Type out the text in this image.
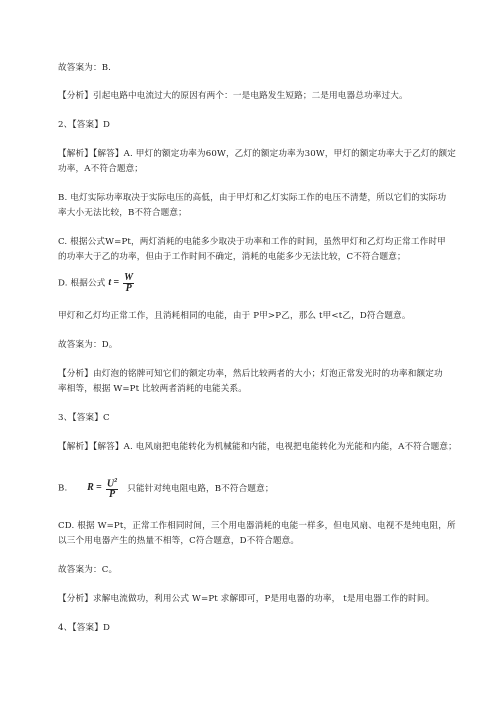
故答案为：B.
【分析】引起电路中电流过大的原因有两个：一是电路发生短路；二是用电器总功率过大。
2、【答案】D
【解析】【解答】A. 甲灯的额定功率为60W，乙灯的额定功率为30W，甲灯的额定功率大于乙灯的额定
功率，A不符合题意；
B. 电灯实际功率取决于实际电压的高低，由于甲灯和乙灯实际工作的电压不清楚，所以它们的实际功
率大小无法比较，B不符合题意；
C. 根据公式W=Pt，两灯消耗的电能多少取决于功率和工作的时间，虽然甲灯和乙灯均正常工作时甲
的功率大于乙的功率，但由于工作时间不确定，消耗的电能多少无法比较，C不符合题意；
D. 根据公式 $t = \frac{W}{P}$
甲灯和乙灯均正常工作，且消耗相同的电能，由于 P甲>P乙，那么 t甲<t乙，D符合题意。
故答案为：D。
【分析】由灯泡的铭牌可知它们的额定功率，然后比较两者的大小；灯泡正常发光时的功率和额定功
率相等，根据 W=Pt 比较两者消耗的电能关系。
3、【答案】C
【解析】【解答】A. 电风扇把电能转化为机械能和内能，电视把电能转化为光能和内能，A不符合题意；
B. $R = \frac{U^2}{P}$ 只能针对纯电阻电路，B不符合题意；
CD. 根据 W=Pt，正常工作相同时间，三个用电器消耗的电能一样多，但电风扇、电视不是纯电阻，所
以三个用电器产生的热量不相等，C符合题意，D不符合题意。
故答案为：C。
【分析】求解电流做功，利用公式 W=Pt 求解即可，P是用电器的功率， t是用电器工作的时间。
4、【答案】D
